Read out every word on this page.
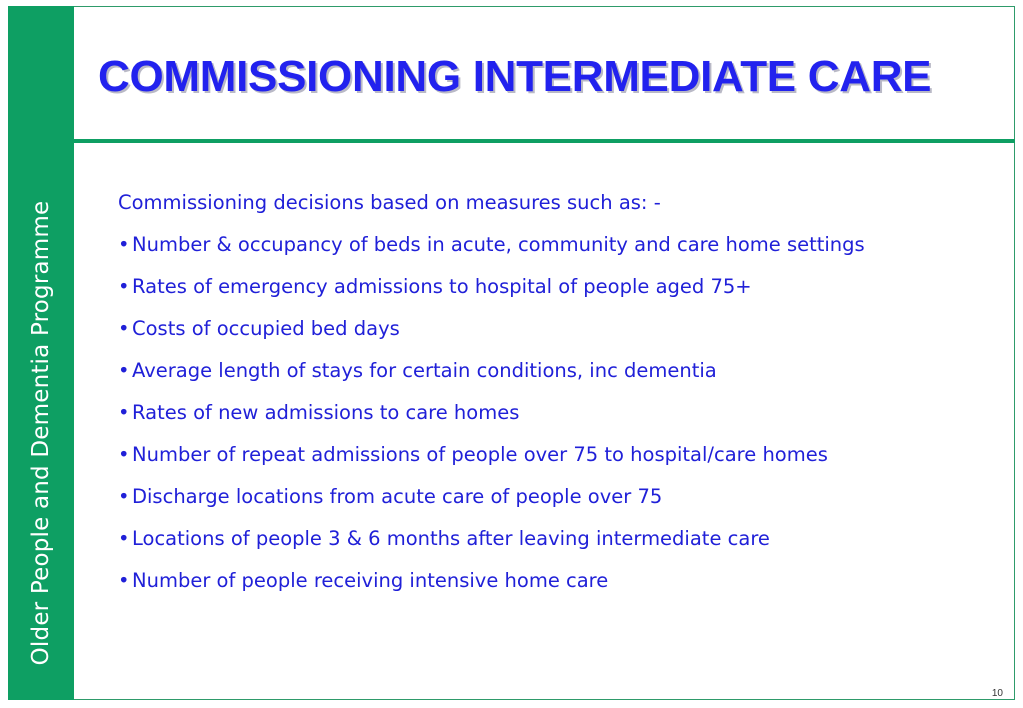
Older People and Dementia Programme
COMMISSIONING INTERMEDIATE CARE

Commissioning decisions based on measures such as: -

• Number & occupancy of beds in acute, community and care home settings

• Rates of emergency admissions to hospital of people aged 75+

• Costs of occupied bed days

• Average length of stays for certain conditions, inc dementia

• Rates of new admissions to care homes

• Number of repeat admissions of people over 75 to hospital/care homes

• Discharge locations from acute care of people over 75

• Locations of people 3 & 6 months after leaving intermediate care

• Number of people receiving intensive home care

10
